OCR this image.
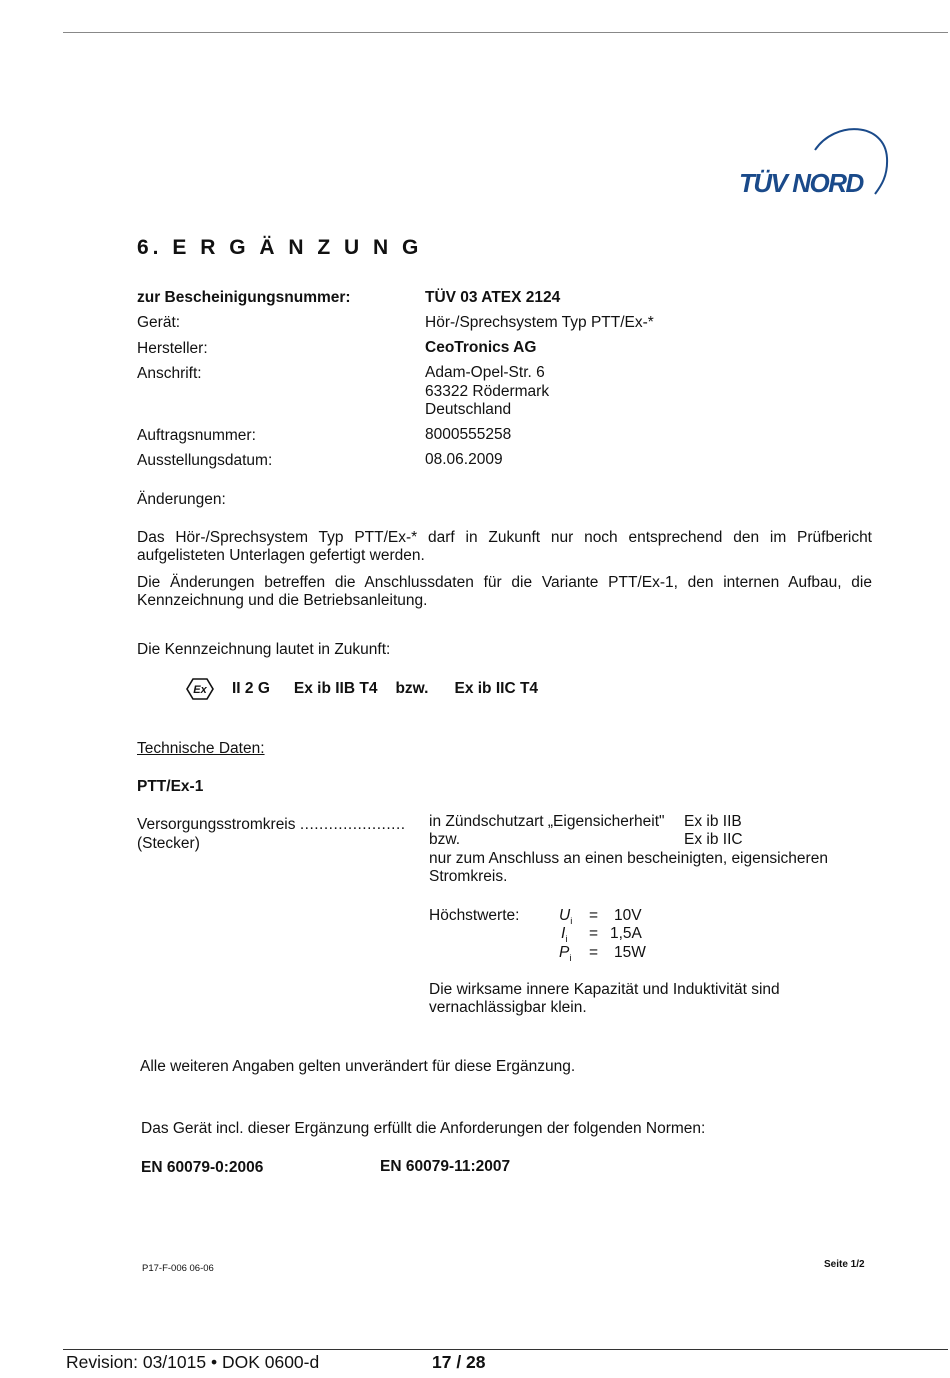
TÜV NORD
6. E R G Ä N Z U N G
zur Bescheinigungsnummer:	TÜV 03 ATEX 2124
Gerät:	Hör-/Sprechsystem Typ PTT/Ex-*
Hersteller:	CeoTronics AG
Anschrift:	Adam-Opel-Str. 6
63322 Rödermark
Deutschland
Auftragsnummer:	8000555258
Ausstellungsdatum:	08.06.2009
Änderungen:
Das Hör-/Sprechsystem Typ PTT/Ex-* darf in Zukunft nur noch entsprechend den im Prüfbericht aufgelisteten Unterlagen gefertigt werden.
Die Änderungen betreffen die Anschlussdaten für die Variante PTT/Ex-1, den internen Aufbau, die Kennzeichnung und die Betriebsanleitung.
Die Kennzeichnung lautet in Zukunft:
Ex II 2 G Ex ib IIB T4 bzw. Ex ib IIC T4
Technische Daten:
PTT/Ex-1
Versorgungsstromkreis ......................
(Stecker)
in Zündschutzart „Eigensicherheit" Ex ib IIB
bzw.	Ex ib IIC
nur zum Anschluss an einen bescheinigten, eigensicheren Stromkreis.
Höchstwerte:	$U_i = 10V$
$I_i = 1,5A$
$P_i = 15W$
Die wirksame innere Kapazität und Induktivität sind vernachlässigbar klein.
Alle weiteren Angaben gelten unverändert für diese Ergänzung.
Das Gerät incl. dieser Ergänzung erfüllt die Anforderungen der folgenden Normen:
EN 60079-0:2006	EN 60079-11:2007
P17-F-006 06-06	Seite 1/2
Revision: 03/1015 • DOK 0600-d	17 / 28
